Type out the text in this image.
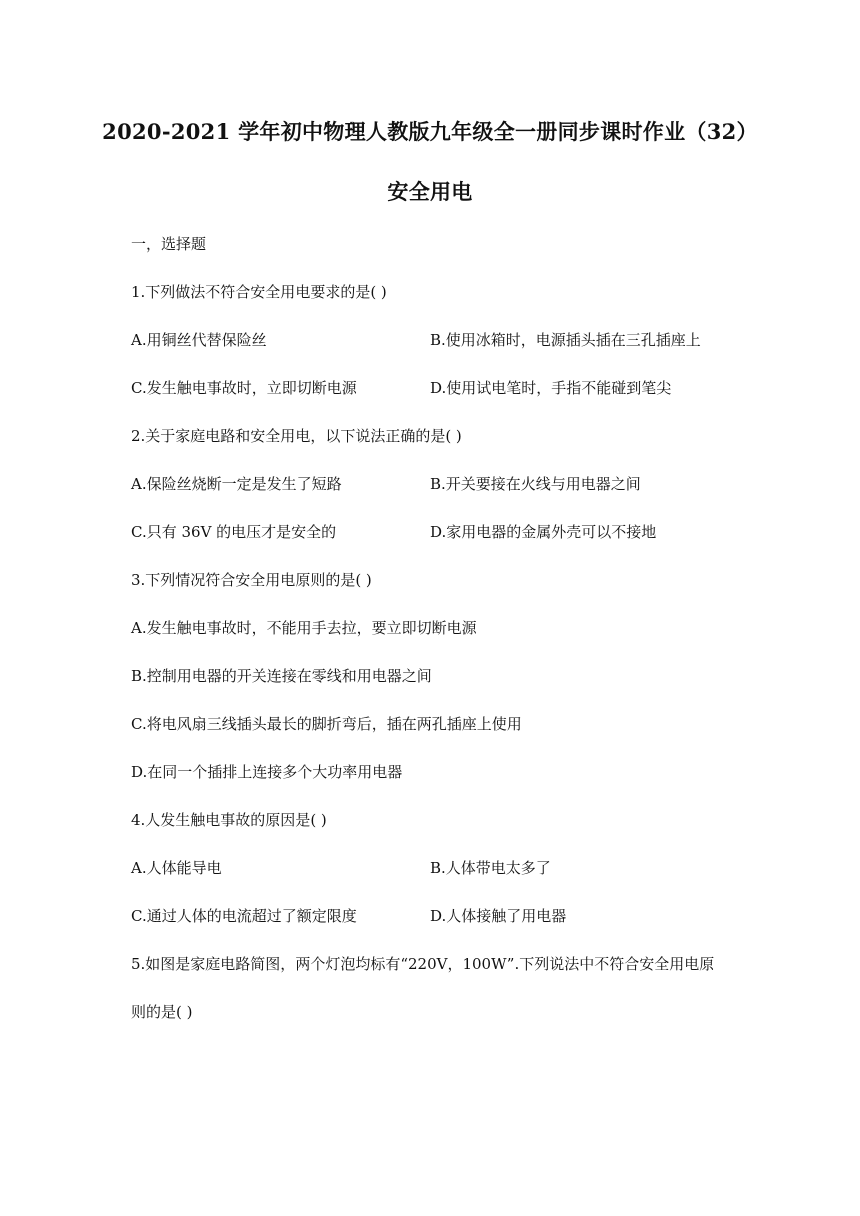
2020-2021 学年初中物理人教版九年级全一册同步课时作业（32）
安全用电
一，选择题
1.下列做法不符合安全用电要求的是( )
A.用铜丝代替保险丝	B.使用冰箱时，电源插头插在三孔插座上
C.发生触电事故时，立即切断电源	D.使用试电笔时，手指不能碰到笔尖
2.关于家庭电路和安全用电，以下说法正确的是( )
A.保险丝烧断一定是发生了短路	B.开关要接在火线与用电器之间
C.只有 36V 的电压才是安全的	D.家用电器的金属外壳可以不接地
3.下列情况符合安全用电原则的是( )
A.发生触电事故时，不能用手去拉，要立即切断电源
B.控制用电器的开关连接在零线和用电器之间
C.将电风扇三线插头最长的脚折弯后，插在两孔插座上使用
D.在同一个插排上连接多个大功率用电器
4.人发生触电事故的原因是( )
A.人体能导电	B.人体带电太多了
C.通过人体的电流超过了额定限度	D.人体接触了用电器
5.如图是家庭电路简图，两个灯泡均标有“220V，100W”.下列说法中不符合安全用电原
则的是( )
